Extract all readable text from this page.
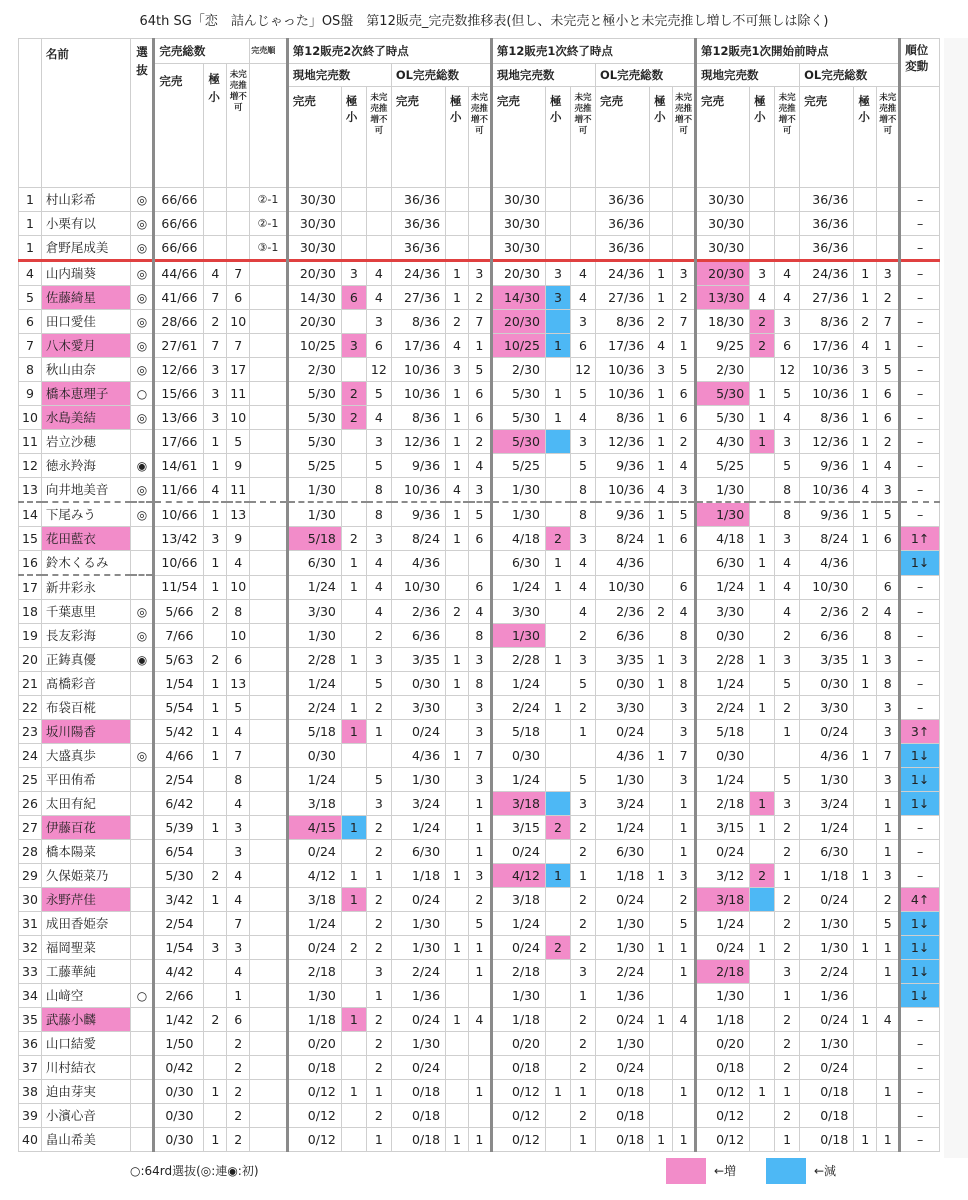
64th SG「恋　詰んじゃった」OS盤　第12販売_完売数推移表(但し、未完売と極小と未完売推し増し不可無しは除く)
	名前	選抜	完売総数			完売順	第12販売2次終了時点						第12販売1次終了時点						第12販売1次開始前時点						順位変動
			完売	極小	未完売推増不可		現地完売数			OL完売総数			現地完売数			OL完売総数			現地完売数			OL完売総数			
							完売	極小	未完売推増不可	完売	極小	未完売推増不可	完売	極小	未完売推増不可	完売	極小	未完売推増不可	完売	極小	未完売推増不可	完売	極小	未完売推増不可	
1	村山彩希	◎	66/66			②-1	30/30			36/36			30/30			36/36			30/30			36/36			–
1	小栗有以	◎	66/66			②-1	30/30			36/36			30/30			36/36			30/30			36/36			–
1	倉野尾成美	◎	66/66			③-1	30/30			36/36			30/30			36/36			30/30			36/36			–
4	山内瑞葵	◎	44/66	4	7		20/30	3	4	24/36	1	3	20/30	3	4	24/36	1	3	20/30	3	4	24/36	1	3	–
5	佐藤綺星	◎	41/66	7	6		14/30	6	4	27/36	1	2	14/30	3	4	27/36	1	2	13/30	4	4	27/36	1	2	–
6	田口愛佳	◎	28/66	2	10		20/30		3	8/36	2	7	20/30		3	8/36	2	7	18/30	2	3	8/36	2	7	–
7	八木愛月	◎	27/61	7	7		10/25	3	6	17/36	4	1	10/25	1	6	17/36	4	1	9/25	2	6	17/36	4	1	–
8	秋山由奈	◎	12/66	3	17		2/30		12	10/36	3	5	2/30		12	10/36	3	5	2/30		12	10/36	3	5	–
9	橋本恵理子	○	15/66	3	11		5/30	2	5	10/36	1	6	5/30	1	5	10/36	1	6	5/30	1	5	10/36	1	6	–
10	水島美結	◎	13/66	3	10		5/30	2	4	8/36	1	6	5/30	1	4	8/36	1	6	5/30	1	4	8/36	1	6	–
11	岩立沙穂		17/66	1	5		5/30		3	12/36	1	2	5/30		3	12/36	1	2	4/30	1	3	12/36	1	2	–
12	徳永羚海	◉	14/61	1	9		5/25		5	9/36	1	4	5/25		5	9/36	1	4	5/25		5	9/36	1	4	–
13	向井地美音	◎	11/66	4	11		1/30		8	10/36	4	3	1/30		8	10/36	4	3	1/30		8	10/36	4	3	–
14	下尾みう	◎	10/66	1	13		1/30		8	9/36	1	5	1/30		8	9/36	1	5	1/30		8	9/36	1	5	–
15	花田藍衣		13/42	3	9		5/18	2	3	8/24	1	6	4/18	2	3	8/24	1	6	4/18	1	3	8/24	1	6	1↑
16	鈴木くるみ		10/66	1	4		6/30	1	4	4/36			6/30	1	4	4/36			6/30	1	4	4/36			1↓
17	新井彩永		11/54	1	10		1/24	1	4	10/30		6	1/24	1	4	10/30		6	1/24	1	4	10/30		6	–
18	千葉恵里	◎	5/66	2	8		3/30		4	2/36	2	4	3/30		4	2/36	2	4	3/30		4	2/36	2	4	–
19	長友彩海	◎	7/66		10		1/30		2	6/36		8	1/30		2	6/36		8	0/30		2	6/36		8	–
20	正鋳真優	◉	5/63	2	6		2/28	1	3	3/35	1	3	2/28	1	3	3/35	1	3	2/28	1	3	3/35	1	3	–
21	髙橋彩音		1/54	1	13		1/24		5	0/30	1	8	1/24		5	0/30	1	8	1/24		5	0/30	1	8	–
22	布袋百椛		5/54	1	5		2/24	1	2	3/30		3	2/24	1	2	3/30		3	2/24	1	2	3/30		3	–
23	坂川陽香		5/42	1	4		5/18	1	1	0/24		3	5/18		1	0/24		3	5/18		1	0/24		3	3↑
24	大盛真歩	◎	4/66	1	7		0/30			4/36	1	7	0/30			4/36	1	7	0/30			4/36	1	7	1↓
25	平田侑希		2/54		8		1/24		5	1/30		3	1/24		5	1/30		3	1/24		5	1/30		3	1↓
26	太田有紀		6/42		4		3/18		3	3/24		1	3/18		3	3/24		1	2/18	1	3	3/24		1	1↓
27	伊藤百花		5/39	1	3		4/15	1	2	1/24		1	3/15	2	2	1/24		1	3/15	1	2	1/24		1	–
28	橋本陽菜		6/54		3		0/24		2	6/30		1	0/24		2	6/30		1	0/24		2	6/30		1	–
29	久保姫菜乃		5/30	2	4		4/12	1	1	1/18	1	3	4/12	1	1	1/18	1	3	3/12	2	1	1/18	1	3	–
30	永野芹佳		3/42	1	4		3/18	1	2	0/24		2	3/18		2	0/24		2	3/18		2	0/24		2	4↑
31	成田香姫奈		2/54		7		1/24		2	1/30		5	1/24		2	1/30		5	1/24		2	1/30		5	1↓
32	福岡聖菜		1/54	3	3		0/24	2	2	1/30	1	1	0/24	2	2	1/30	1	1	0/24	1	2	1/30	1	1	1↓
33	工藤華純		4/42		4		2/18		3	2/24		1	2/18		3	2/24		1	2/18		3	2/24		1	1↓
34	山﨑空	○	2/66		1		1/30		1	1/36			1/30		1	1/36			1/30		1	1/36			1↓
35	武藤小麟		1/42	2	6		1/18	1	2	0/24	1	4	1/18		2	0/24	1	4	1/18		2	0/24	1	4	–
36	山口結愛		1/50		2		0/20		2	1/30			0/20		2	1/30			0/20		2	1/30			–
37	川村結衣		0/42		2		0/18		2	0/24			0/18		2	0/24			0/18		2	0/24			–
38	迫由芽実		0/30	1	2		0/12	1	1	0/18		1	0/12	1	1	0/18		1	0/12	1	1	0/18		1	–
39	小濱心音		0/30		2		0/12		2	0/18			0/12		2	0/18			0/12		2	0/18			–
40	畠山希美		0/30	1	2		0/12		1	0/18	1	1	0/12		1	0/18	1	1	0/12		1	0/18	1	1	–
○:64rd選抜(◎:連◉:初)	←増	←減
